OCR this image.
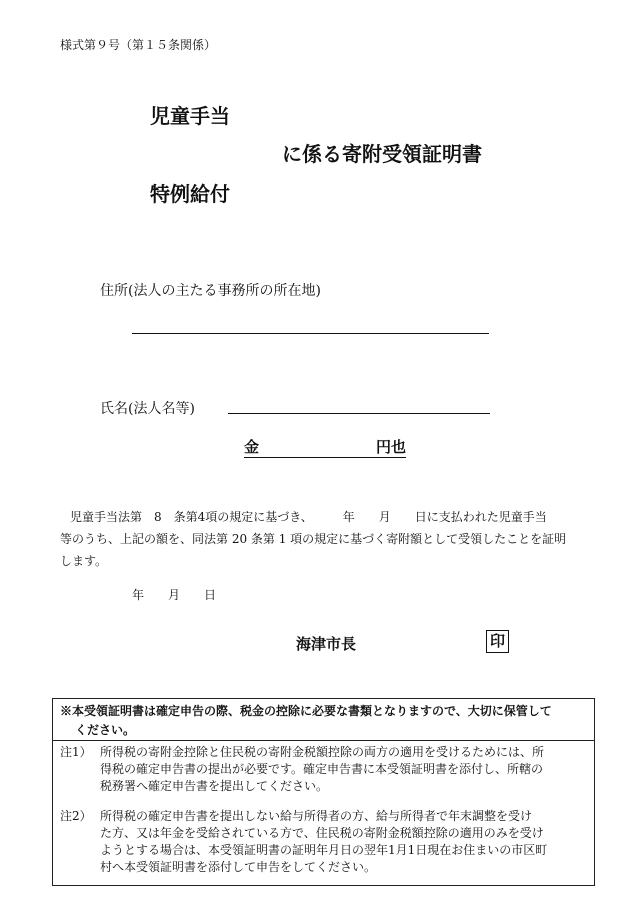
様式第９号（第１５条関係）
児童手当
に係る寄附受領証明書
特例給付
住所(法人の主たる事務所の所在地)
氏名(法人名等)
金	円也
児童手当法第　8　条第4項の規定に基づき、　　　年　　月　　日に支払われた児童手当
等のうち、上記の額を、同法第 20 条第 1 項の規定に基づく寄附額として受領したことを証明
します。
年　　月　　日
海津市長	印
※本受領証明書は確定申告の際、税金の控除に必要な書類となりますので、大切に保管して
ください。
注1） 所得税の寄附金控除と住民税の寄附金税額控除の両方の適用を受けるためには、所
得税の確定申告書の提出が必要です。確定申告書に本受領証明書を添付し、所轄の
税務署へ確定申告書を提出してください。
注2） 所得税の確定申告書を提出しない給与所得者の方、給与所得者で年末調整を受け
た方、又は年金を受給されている方で、住民税の寄附金税額控除の適用のみを受け
ようとする場合は、本受領証明書の証明年月日の翌年1月1日現在お住まいの市区町
村へ本受領証明書を添付して申告をしてください。
